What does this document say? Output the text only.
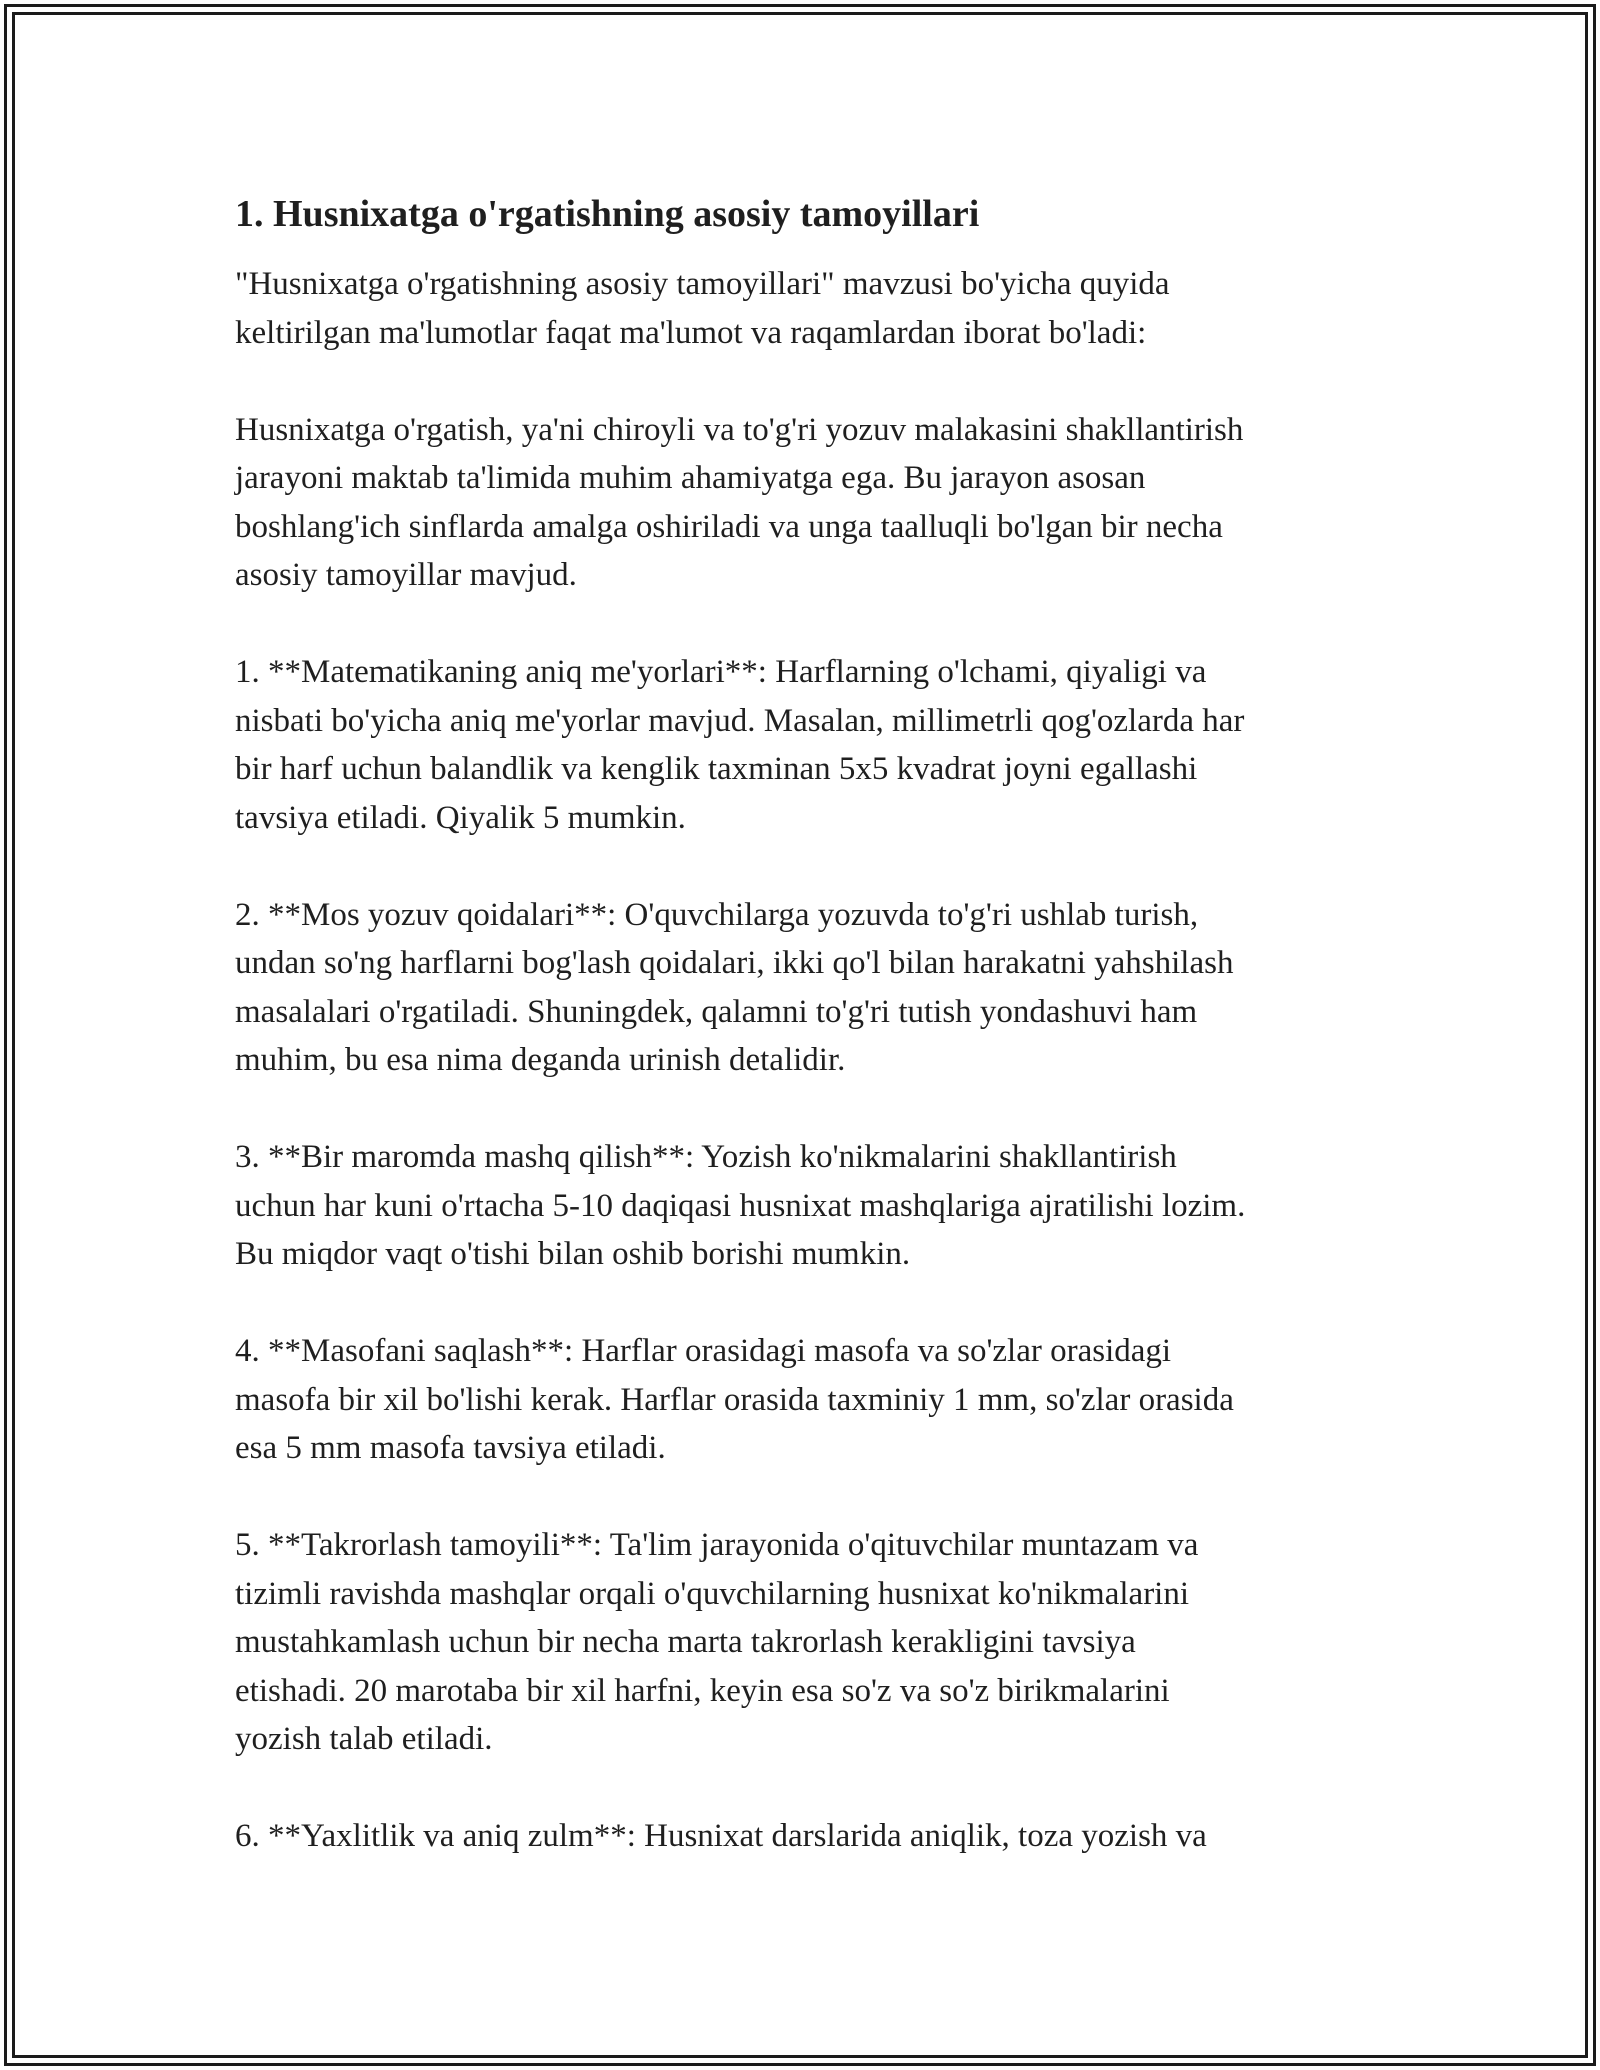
1. Husnixatga o'rgatishning asosiy tamoyillari

"Husnixatga o'rgatishning asosiy tamoyillari" mavzusi bo'yicha quyida
keltirilgan ma'lumotlar faqat ma'lumot va raqamlardan iborat bo'ladi:

Husnixatga o'rgatish, ya'ni chiroyli va to'g'ri yozuv malakasini shakllantirish
jarayoni maktab ta'limida muhim ahamiyatga ega. Bu jarayon asosan
boshlang'ich sinflarda amalga oshiriladi va unga taalluqli bo'lgan bir necha
asosiy tamoyillar mavjud.

1. **Matematikaning aniq me'yorlari**: Harflarning o'lchami, qiyaligi va
nisbati bo'yicha aniq me'yorlar mavjud. Masalan, millimetrli qog'ozlarda har
bir harf uchun balandlik va kenglik taxminan 5x5 kvadrat joyni egallashi
tavsiya etiladi. Qiyalik 5 mumkin.

2. **Mos yozuv qoidalari**: O'quvchilarga yozuvda to'g'ri ushlab turish,
undan so'ng harflarni bog'lash qoidalari, ikki qo'l bilan harakatni yahshilash
masalalari o'rgatiladi. Shuningdek, qalamni to'g'ri tutish yondashuvi ham
muhim, bu esa nima deganda urinish detalidir.

3. **Bir maromda mashq qilish**: Yozish ko'nikmalarini shakllantirish
uchun har kuni o'rtacha 5-10 daqiqasi husnixat mashqlariga ajratilishi lozim.
Bu miqdor vaqt o'tishi bilan oshib borishi mumkin.

4. **Masofani saqlash**: Harflar orasidagi masofa va so'zlar orasidagi
masofa bir xil bo'lishi kerak. Harflar orasida taxminiy 1 mm, so'zlar orasida
esa 5 mm masofa tavsiya etiladi.

5. **Takrorlash tamoyili**: Ta'lim jarayonida o'qituvchilar muntazam va
tizimli ravishda mashqlar orqali o'quvchilarning husnixat ko'nikmalarini
mustahkamlash uchun bir necha marta takrorlash kerakligini tavsiya
etishadi. 20 marotaba bir xil harfni, keyin esa so'z va so'z birikmalarini
yozish talab etiladi.

6. **Yaxlitlik va aniq zulm**: Husnixat darslarida aniqlik, toza yozish va
